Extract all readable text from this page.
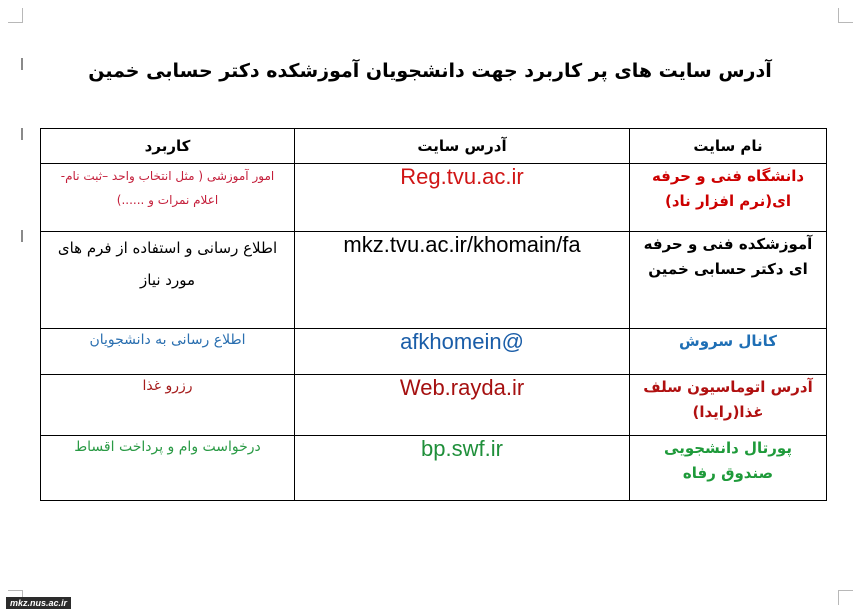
آدرس سایت های پر کاربرد جهت دانشجویان آموزشکده دکتر حسابی خمین
نام سایت	آدرس سایت	کاربرد
دانشگاه فنی و حرفه ای(نرم افزار ناد)	Reg.tvu.ac.ir	امور آموزشی ( مثل انتخاب واحد –ثبت نام- اعلام نمرات و ......)
آموزشکده فنی و حرفه ای دکتر حسابی خمین	mkz.tvu.ac.ir/khomain/fa	اطلاع رسانی و استفاده از فرم های مورد نیاز
کانال سروش	@afkhomein	اطلاع رسانی به دانشجویان
آدرس اتوماسیون سلف غذا(رایدا)	Web.rayda.ir	رزرو غذا
پورتال دانشجویی صندوق رفاه	bp.swf.ir	درخواست وام و پرداخت اقساط
mkz.nus.ac.ir
